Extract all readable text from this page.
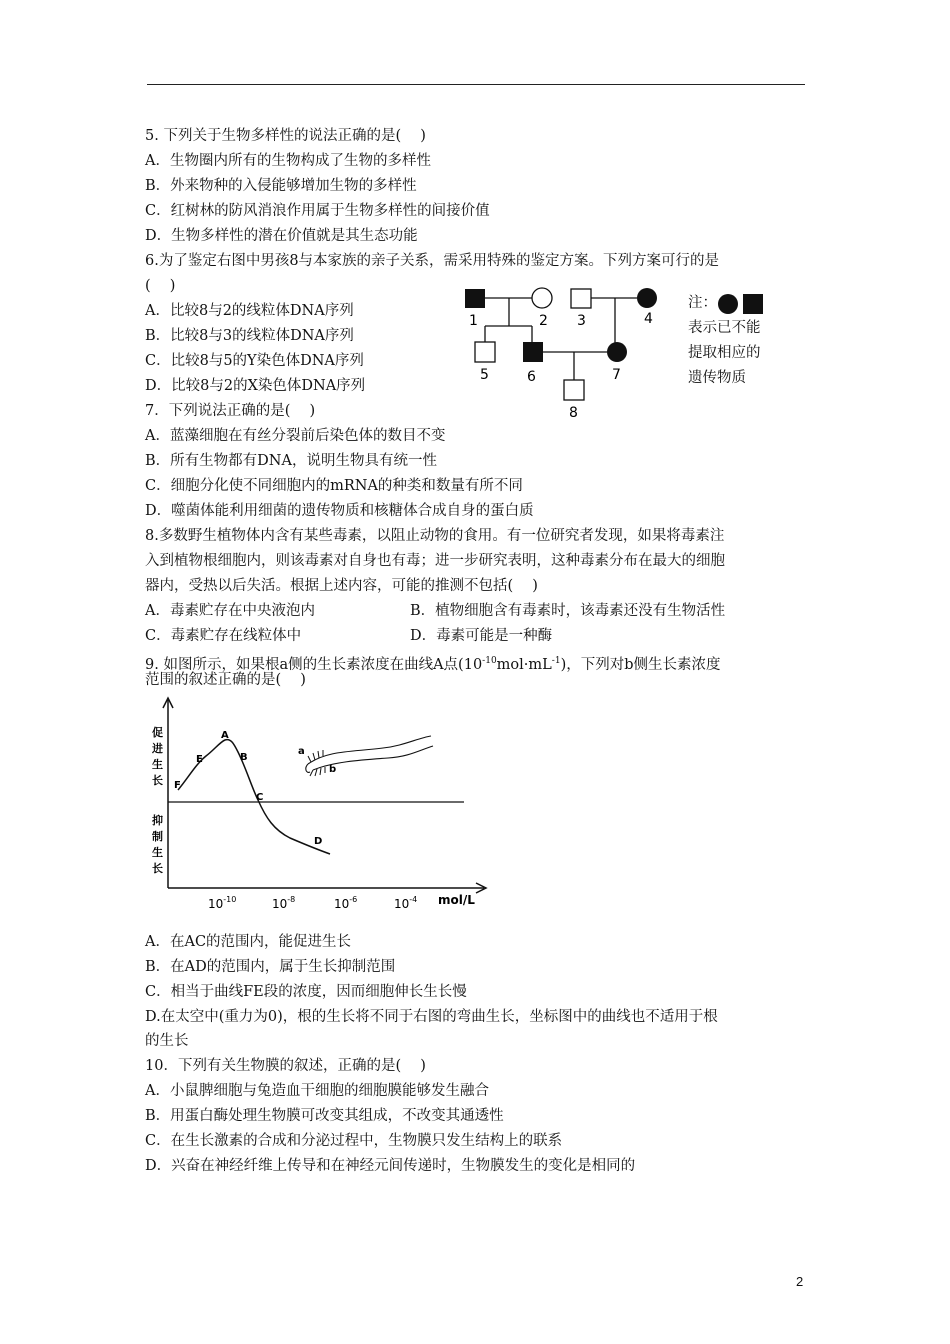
5. 下列关于生物多样性的说法正确的是(　 )
A．生物圈内所有的生物构成了生物的多样性
B．外来物种的入侵能够增加生物的多样性
C．红树林的防风消浪作用属于生物多样性的间接价值
D．生物多样性的潜在价值就是其生态功能
6.为了鉴定右图中男孩8与本家族的亲子关系，需采用特殊的鉴定方案。下列方案可行的是
(　 )
A．比较8与2的线粒体DNA序列
B．比较8与3的线粒体DNA序列
C．比较8与5的Y染色体DNA序列
D．比较8与2的X染色体DNA序列
1	2 3	4
5	6	7
8
注：
表示已不能
提取相应的
遗传物质
7．下列说法正确的是(　 )
A．蓝藻细胞在有丝分裂前后染色体的数目不变
B．所有生物都有DNA，说明生物具有统一性
C．细胞分化使不同细胞内的mRNA的种类和数量有所不同
D．噬菌体能利用细菌的遗传物质和核糖体合成自身的蛋白质
8.多数野生植物体内含有某些毒素，以阻止动物的食用。有一位研究者发现，如果将毒素注
入到植物根细胞内，则该毒素对自身也有毒；进一步研究表明，这种毒素分布在最大的细胞
器内，受热以后失活。根据上述内容，可能的推测不包括(　 )
A．毒素贮存在中央液泡内	B．植物细胞含有毒素时，该毒素还没有生物活性
C．毒素贮存在线粒体中	D．毒素可能是一种酶
9. 如图所示，如果根a侧的生长素浓度在曲线A点$(10^{-10}mol\cdot mL^{-1})$，下列对b侧生长素浓度
范围的叙述正确的是(　 )
促
进
生
长
抑
制
生
长
A
B
C
D
E
F
a
b
$10^{-10}$	$10^{-8}$	$10^{-6}$	$10^{-4}$ mol/L
A．在AC的范围内，能促进生长
B．在AD的范围内，属于生长抑制范围
C．相当于曲线FE段的浓度，因而细胞伸长生长慢
D.在太空中(重力为0)，根的生长将不同于右图的弯曲生长，坐标图中的曲线也不适用于根
的生长
10．下列有关生物膜的叙述，正确的是(　 )
A．小鼠脾细胞与兔造血干细胞的细胞膜能够发生融合
B．用蛋白酶处理生物膜可改变其组成，不改变其通透性
C．在生长激素的合成和分泌过程中，生物膜只发生结构上的联系
D．兴奋在神经纤维上传导和在神经元间传递时，生物膜发生的变化是相同的
2
